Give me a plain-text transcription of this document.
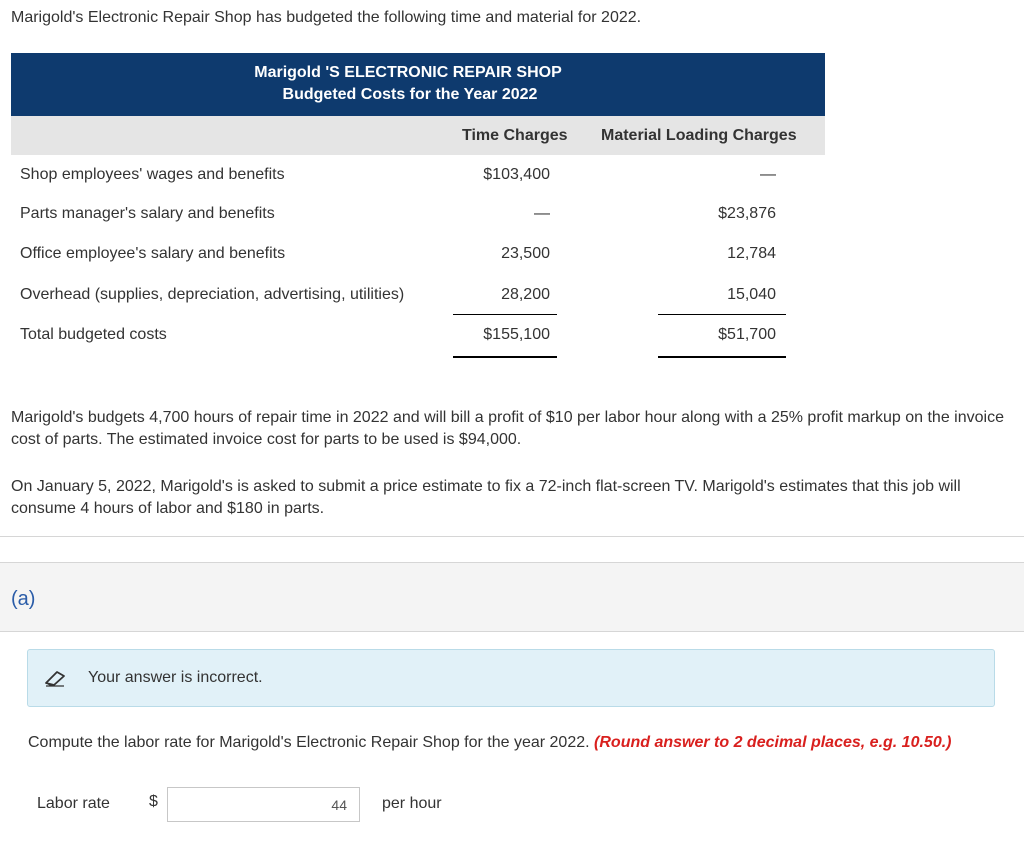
Marigold's Electronic Repair Shop has budgeted the following time and material for 2022.
Marigold 'S ELECTRONIC REPAIR SHOP
Budgeted Costs for the Year 2022
Time Charges Material Loading Charges
Shop employees' wages and benefits	$103,400	—
Parts manager's salary and benefits	—	$23,876
Office employee's salary and benefits	23,500	12,784
Overhead (supplies, depreciation, advertising, utilities)	28,200	15,040
Total budgeted costs	$155,100	$51,700
Marigold's budgets 4,700 hours of repair time in 2022 and will bill a profit of $10 per labor hour along with a 25% profit markup on the invoice cost of parts. The estimated invoice cost for parts to be used is $94,000.
On January 5, 2022, Marigold's is asked to submit a price estimate to fix a 72-inch flat-screen TV. Marigold's estimates that this job will consume 4 hours of labor and $180 in parts.
(a)
Your answer is incorrect.
Compute the labor rate for Marigold's Electronic Repair Shop for the year 2022. (Round answer to 2 decimal places, e.g. 10.50.)
Labor rate $
44	per hour
